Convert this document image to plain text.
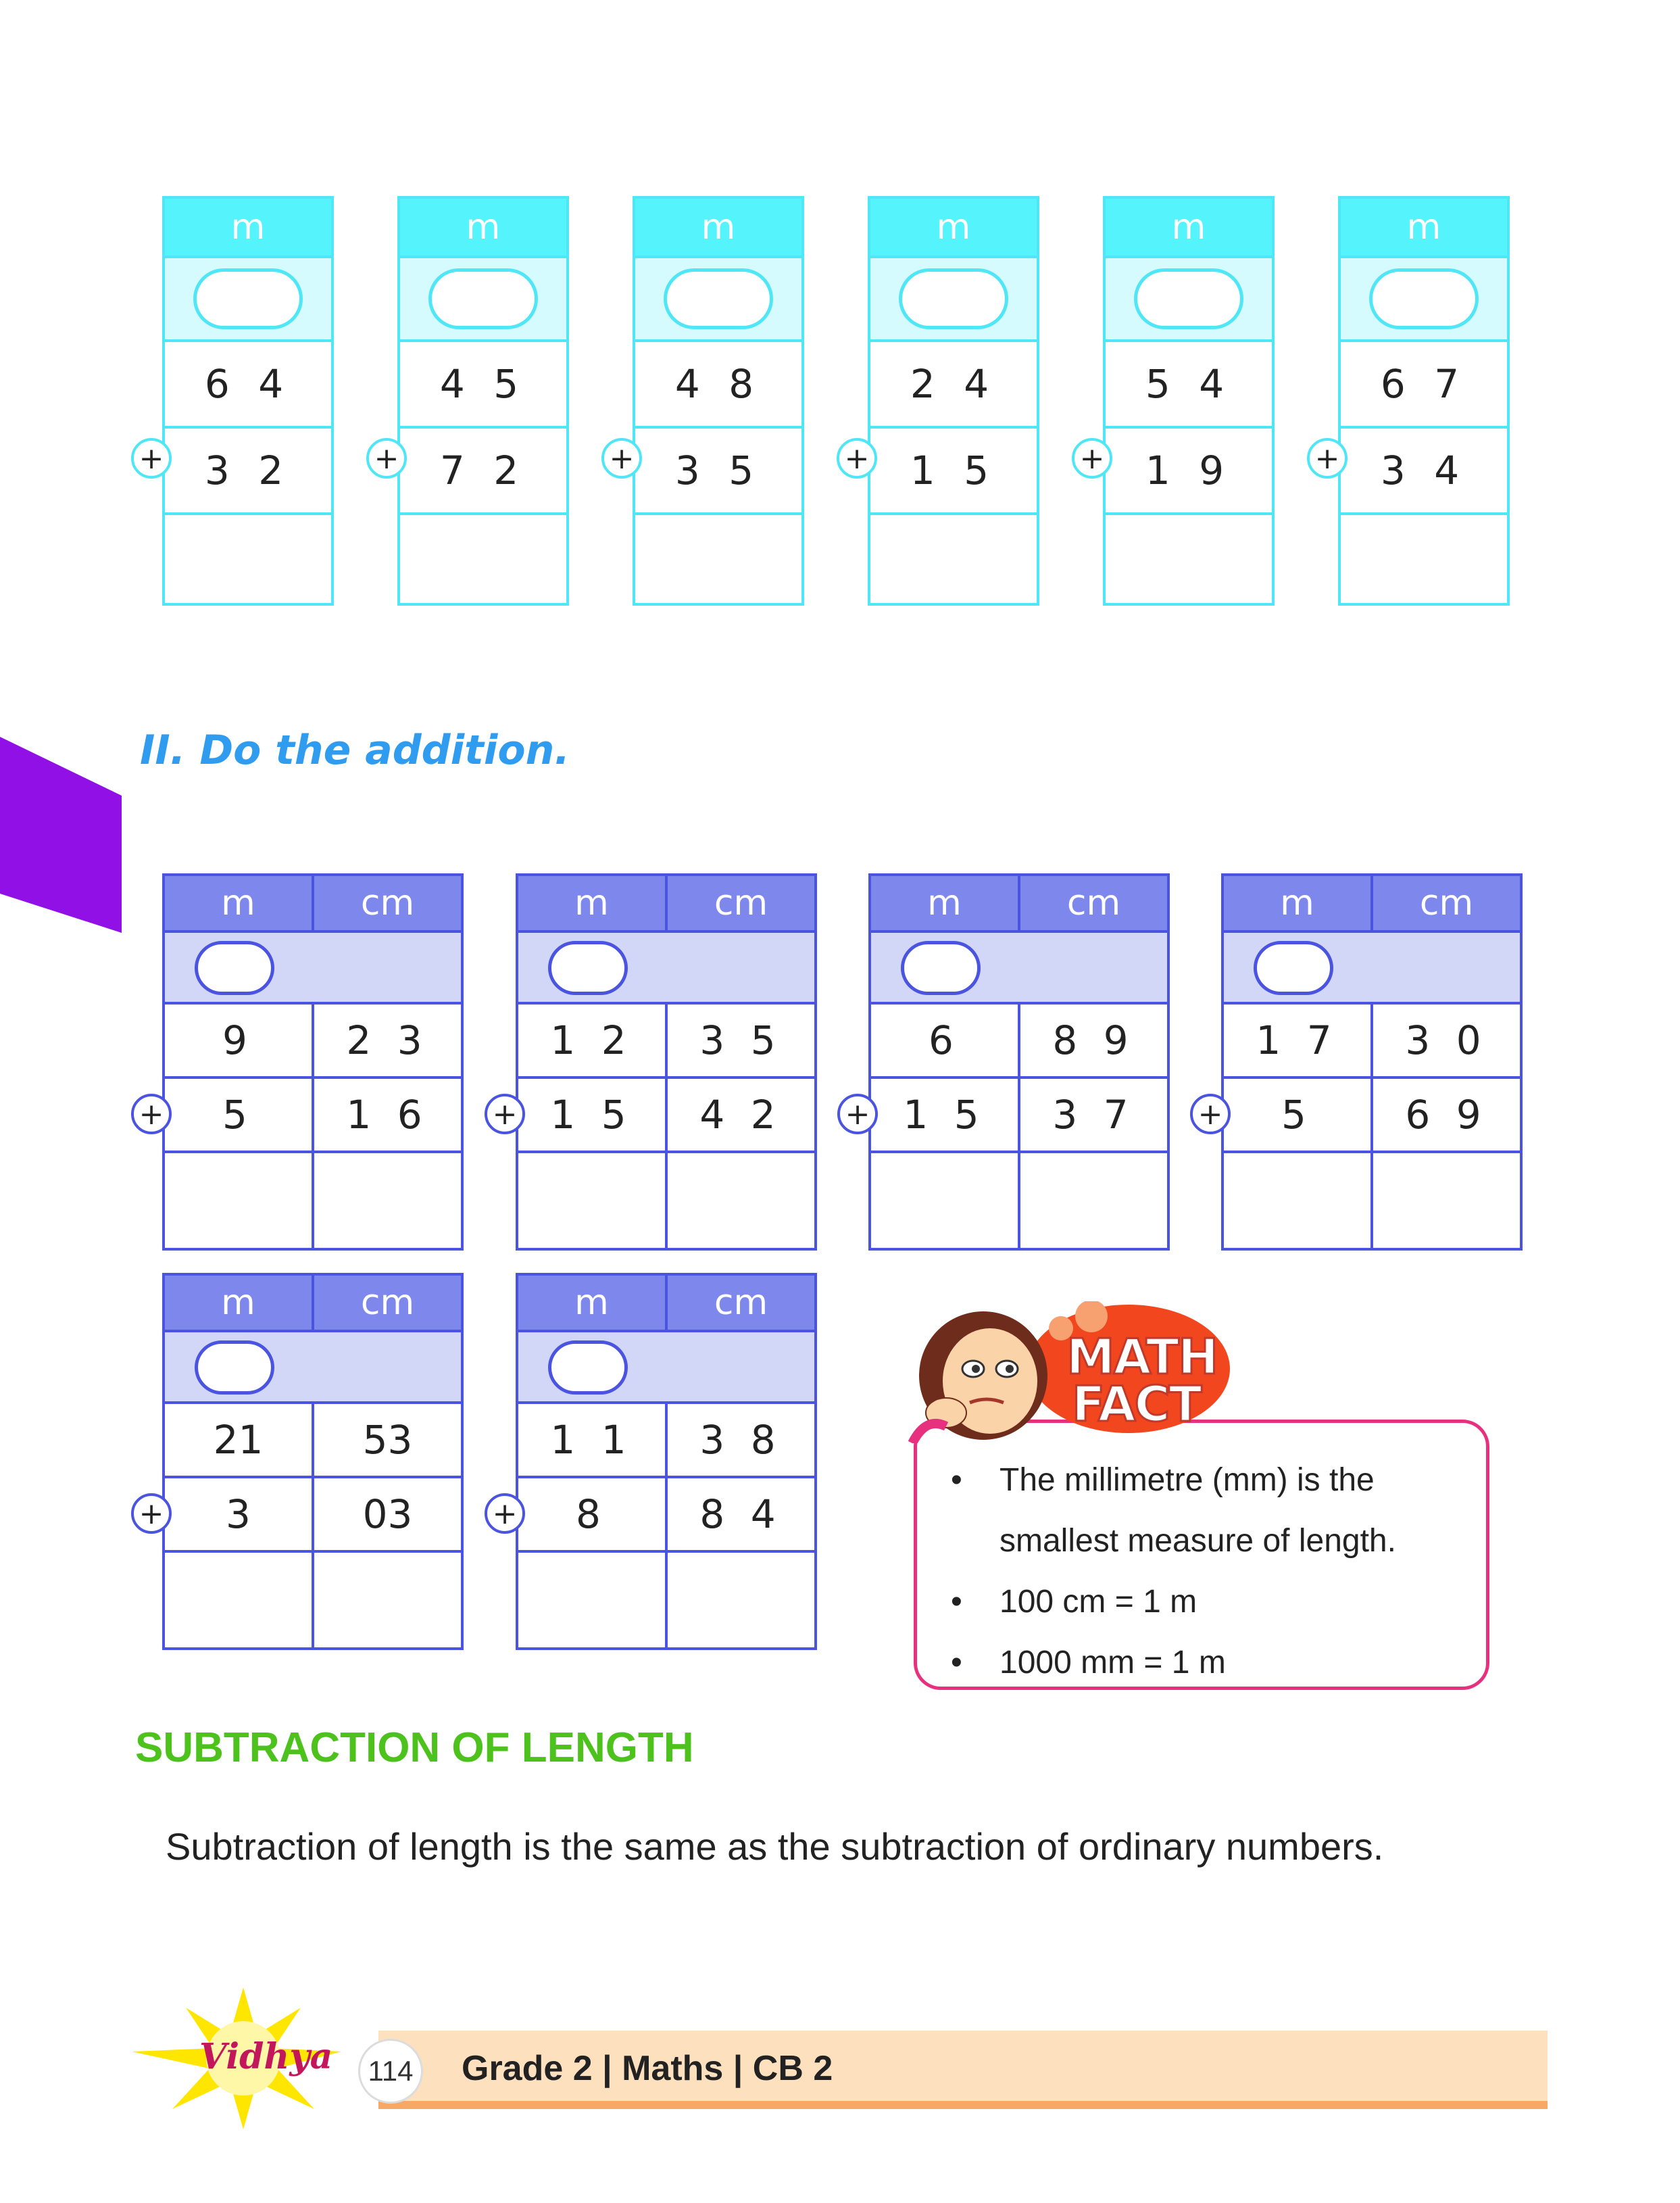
m
6 4
3 2
+
m
4 5
7 2
+
m
4 8
3 5
+
m
2 4
1 5
+
m
5 4
1 9
+
m
6 7
3 4
+
II. Do the addition.
m	cm
9	2 3
5	1 6
+
m	cm
1 2	3 5
1 5	4 2
+
m	cm
6	8 9
1 5	3 7
+
m	cm
1 7	3 0
5	6 9
+
m	cm
21	53
3	03
+
m	cm
1 1	3 8
8	8 4
+
• The millimetre (mm) is the smallest measure of length.
• 100 cm = 1 m
• 1000 mm = 1 m
MATH
FACT
SUBTRACTION OF LENGTH
Subtraction of length is the same as the subtraction of ordinary numbers.
114 Grade 2 | Maths | CB 2
Vidhya
